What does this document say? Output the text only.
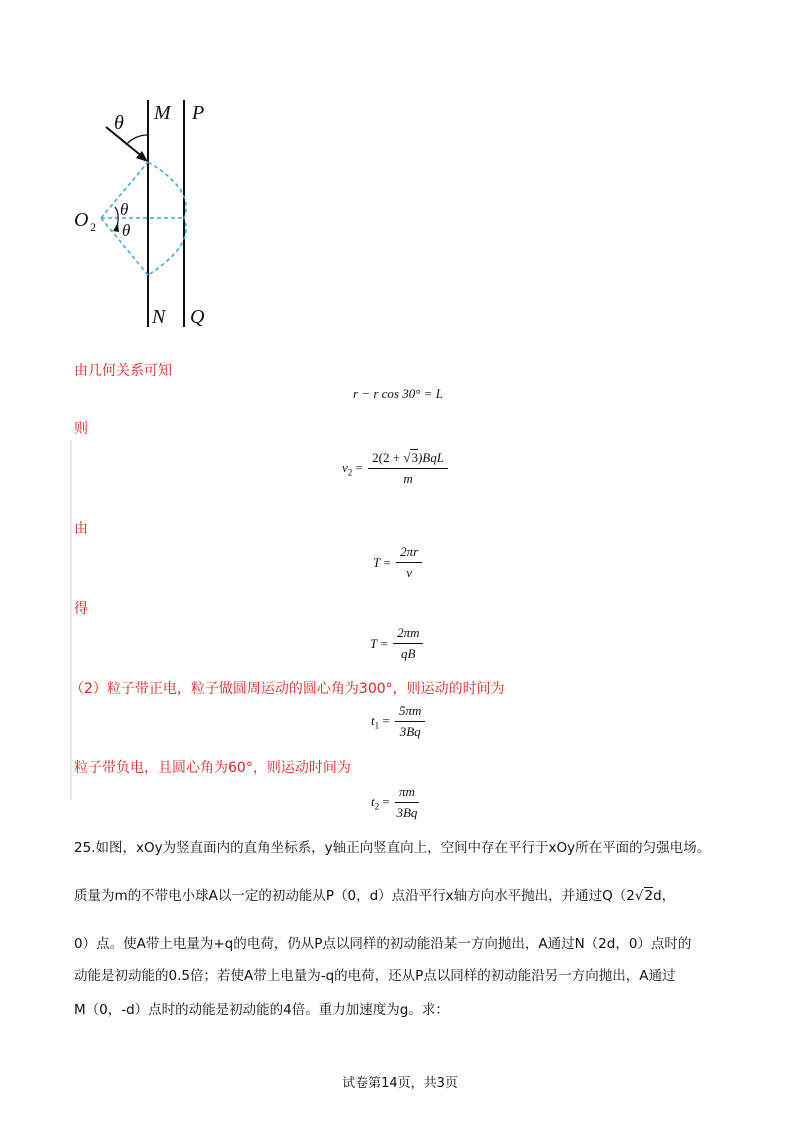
θ M P
θ
θ
O 2
N Q
由几何关系可知
r − r cos 30° = L
则
$v_2 = \frac{\text{2(2 + √3)BqL}}{m}$
由
$T = \frac{2\pi r}{v}$
得
$T = \frac{2\pi m}{qB}$
（2）粒子带正电，粒子做圆周运动的圆心角为300°，则运动的时间为
$t_1 = \frac{5\pi m}{3Bq}$
粒子带负电，且圆心角为60°，则运动时间为
$t_2 = \frac{\pi m}{3Bq}$
25.如图，xOy为竖直面内的直角坐标系，y轴正向竖直向上，空间中存在平行于xOy所在平面的匀强电场。
质量为m的不带电小球A以一定的初动能从P（0，d）点沿平行x轴方向水平抛出，并通过Q（2√2d，
0）点。使A带上电量为+q的电荷，仍从P点以同样的初动能沿某一方向抛出，A通过N（2d，0）点时的
动能是初动能的0.5倍；若使A带上电量为-q的电荷，还从P点以同样的初动能沿另一方向抛出，A通过
M（0，-d）点时的动能是初动能的4倍。重力加速度为g。求：
试卷第14页，共3页
